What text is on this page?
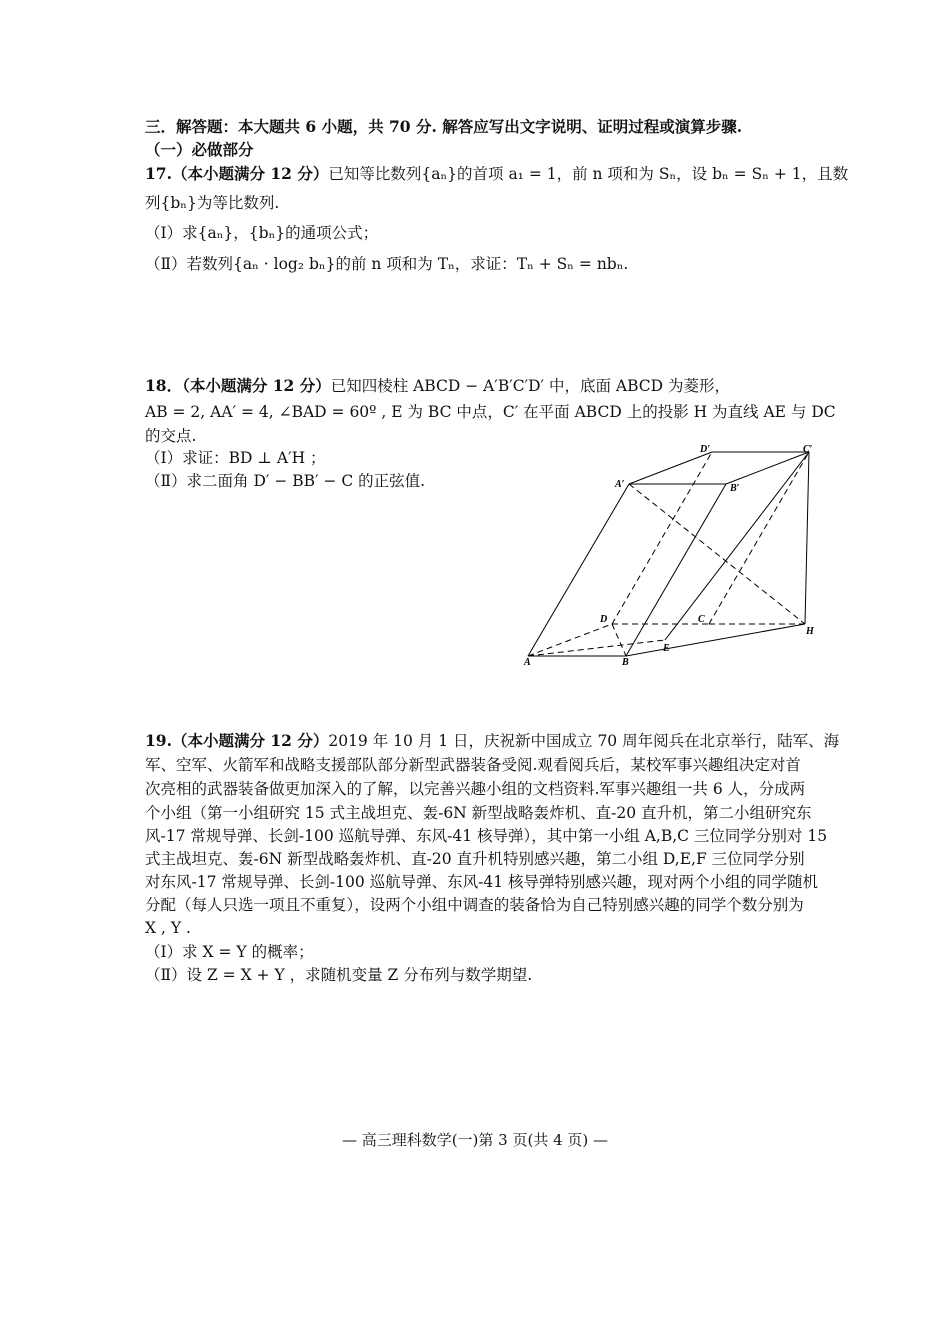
三．解答题：本大题共 6 小题，共 70 分. 解答应写出文字说明、证明过程或演算步骤.
（一）必做部分
17.（本小题满分 12 分）已知等比数列{aₙ}的首项 a₁ = 1，前 n 项和为 Sₙ，设 bₙ = Sₙ + 1，且数
列{bₙ}为等比数列.
（Ⅰ）求{aₙ}，{bₙ}的通项公式；
（Ⅱ）若数列{aₙ · log₂ bₙ}的前 n 项和为 Tₙ，求证：Tₙ + Sₙ = nbₙ.
18．（本小题满分 12 分）已知四棱柱 ABCD − A′B′C′D′ 中，底面 ABCD 为菱形，
AB = 2, AA′ = 4, ∠BAD = 60º , E 为 BC 中点，C′ 在平面 ABCD 上的投影 H 为直线 AE 与 DC
的交点.
（Ⅰ）求证：BD ⊥ A′H ；
（Ⅱ）求二面角 D′ − BB′ − C 的正弦值.
D′	C′
A′	B′
D	C
H
E
A	B
19.（本小题满分 12 分）2019 年 10 月 1 日，庆祝新中国成立 70 周年阅兵在北京举行，陆军、海
军、空军、火箭军和战略支援部队部分新型武器装备受阅.观看阅兵后，某校军事兴趣组决定对首
次亮相的武器装备做更加深入的了解，以完善兴趣小组的文档资料.军事兴趣组一共 6 人，分成两
个小组（第一小组研究 15 式主战坦克、轰-6N 新型战略轰炸机、直-20 直升机，第二小组研究东
风-17 常规导弹、长剑-100 巡航导弹、东风-41 核导弹），其中第一小组 A,B,C 三位同学分别对 15
式主战坦克、轰-6N 新型战略轰炸机、直-20 直升机特别感兴趣，第二小组 D,E,F 三位同学分别
对东风-17 常规导弹、长剑-100 巡航导弹、东风-41 核导弹特别感兴趣，现对两个小组的同学随机
分配（每人只选一项且不重复），设两个小组中调查的装备恰为自己特别感兴趣的同学个数分别为
X , Y .
（Ⅰ）求 X = Y 的概率；
（Ⅱ）设 Z = X + Y ，求随机变量 Z 分布列与数学期望.
— 高三理科数学(一)第 3 页(共 4 页) —
